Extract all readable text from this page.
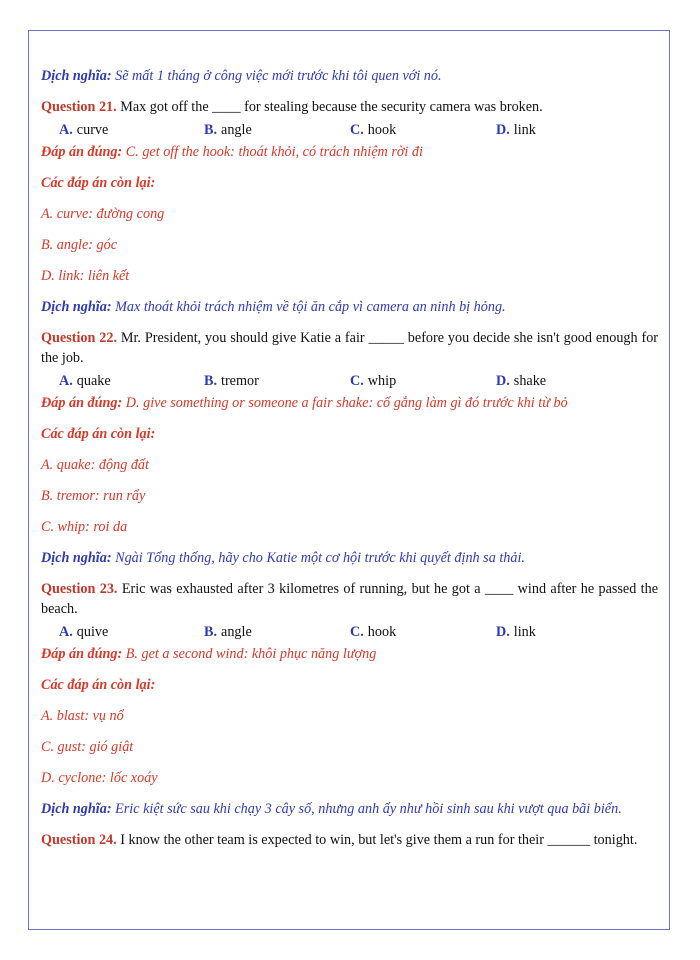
Dịch nghĩa: Sẽ mất 1 tháng ở công việc mới trước khi tôi quen với nó.

Question 21. Max got off the ____ for stealing because the security camera was broken.

A. curve	B. angle	C. hook	D. link

Đáp án đúng: C. get off the hook: thoát khỏi, có trách nhiệm rời đi

Các đáp án còn lại:

A. curve: đường cong

B. angle: góc

D. link: liên kết

Dịch nghĩa: Max thoát khỏi trách nhiệm về tội ăn cắp vì camera an ninh bị hỏng.

Question 22. Mr. President, you should give Katie a fair _____ before you decide she isn't good enough for the job.

A. quake	B. tremor	C. whip	D. shake

Đáp án đúng: D. give something or someone a fair shake: cố gắng làm gì đó trước khi từ bỏ

Các đáp án còn lại:

A. quake: động đất

B. tremor: run rẩy

C. whip: roi da

Dịch nghĩa: Ngài Tổng thống, hãy cho Katie một cơ hội trước khi quyết định sa thải.

Question 23. Eric was exhausted after 3 kilometres of running, but he got a ____ wind after he passed the beach.

A. quive	B. angle	C. hook	D. link

Đáp án đúng: B. get a second wind: khôi phục năng lượng

Các đáp án còn lại:

A. blast: vụ nổ

C. gust: gió giật

D. cyclone: lốc xoáy

Dịch nghĩa: Eric kiệt sức sau khi chạy 3 cây số, nhưng anh ấy như hồi sinh sau khi vượt qua bãi biển.

Question 24. I know the other team is expected to win, but let's give them a run for their ______ tonight.
